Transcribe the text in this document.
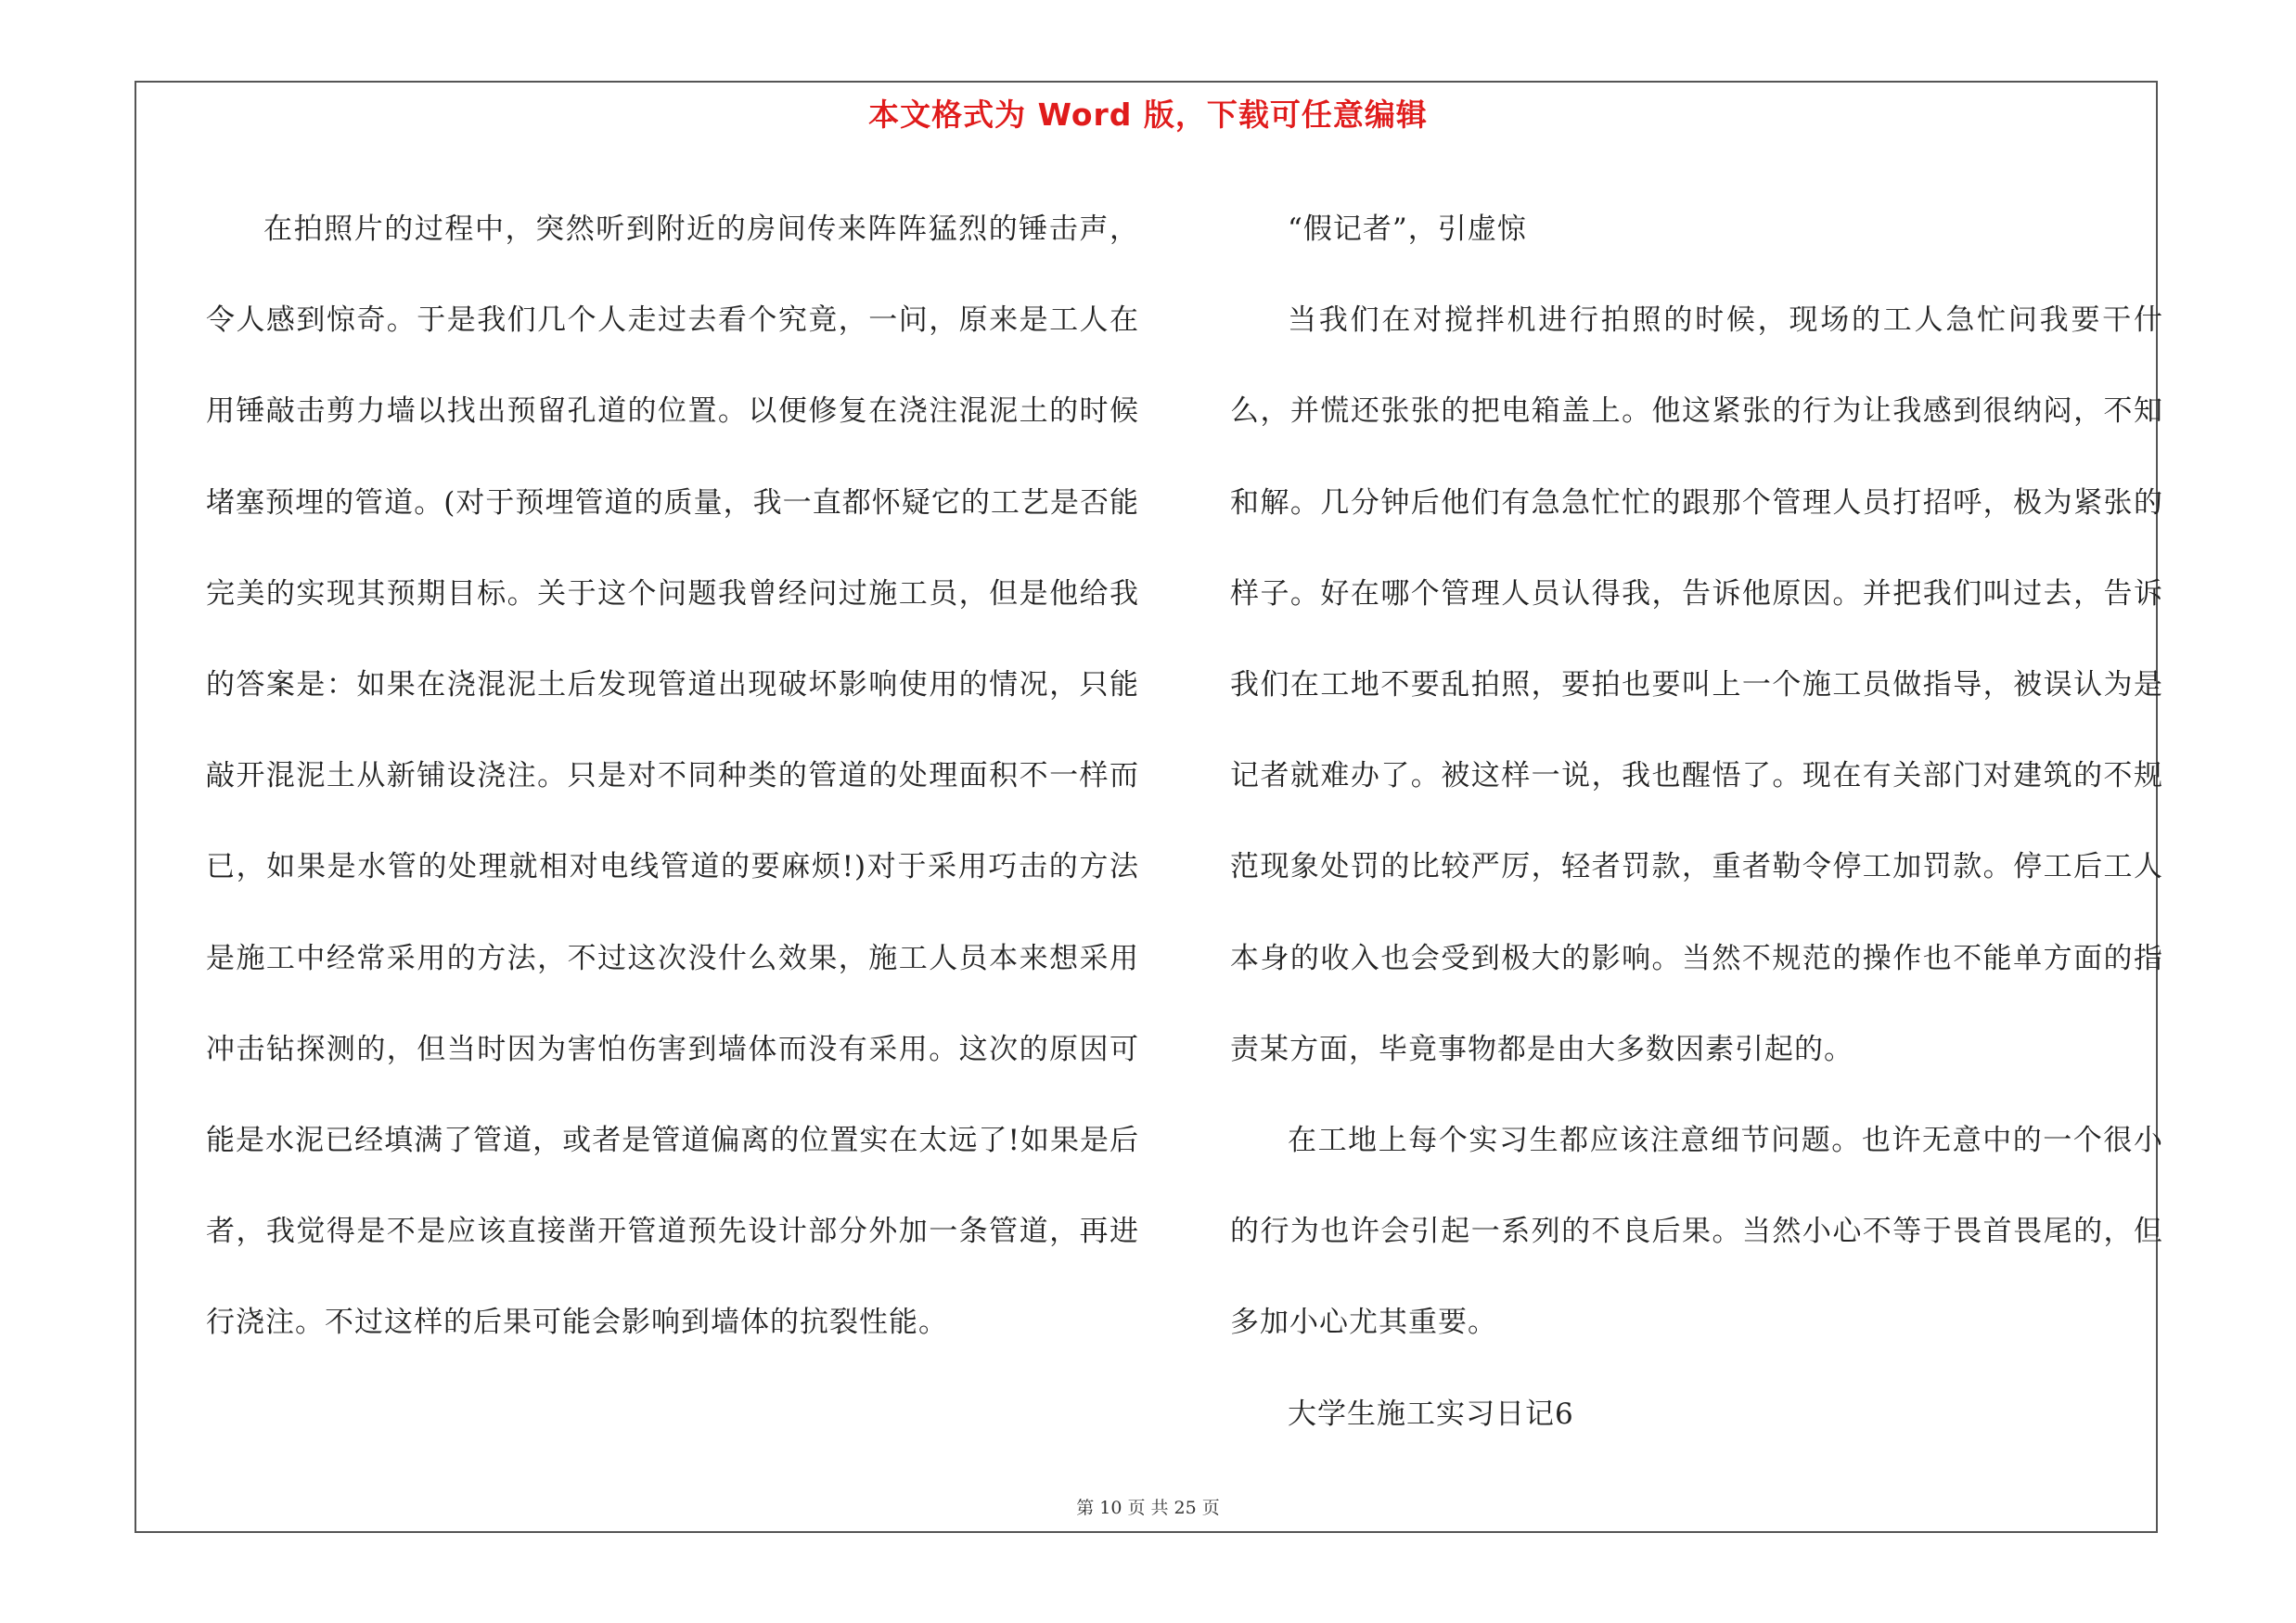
本文格式为 Word 版，下载可任意编辑

在拍照片的过程中，突然听到附近的房间传来阵阵猛烈的锤击声，令人感到惊奇。于是我们几个人走过去看个究竟，一问，原来是工人在用锤敲击剪力墙以找出预留孔道的位置。以便修复在浇注混泥土的时候堵塞预埋的管道。(对于预埋管道的质量，我一直都怀疑它的工艺是否能完美的实现其预期目标。关于这个问题我曾经问过施工员，但是他给我的答案是：如果在浇混泥土后发现管道出现破坏影响使用的情况，只能敲开混泥土从新铺设浇注。只是对不同种类的管道的处理面积不一样而已，如果是水管的处理就相对电线管道的要麻烦!)对于采用巧击的方法是施工中经常采用的方法，不过这次没什么效果，施工人员本来想采用冲击钻探测的，但当时因为害怕伤害到墙体而没有采用。这次的原因可能是水泥已经填满了管道，或者是管道偏离的位置实在太远了!如果是后者，我觉得是不是应该直接凿开管道预先设计部分外加一条管道，再进行浇注。不过这样的后果可能会影响到墙体的抗裂性能。

“假记者”，引虚惊

当我们在对搅拌机进行拍照的时候，现场的工人急忙问我要干什么，并慌还张张的把电箱盖上。他这紧张的行为让我感到很纳闷，不知和解。几分钟后他们有急急忙忙的跟那个管理人员打招呼，极为紧张的样子。好在哪个管理人员认得我，告诉他原因。并把我们叫过去，告诉我们在工地不要乱拍照，要拍也要叫上一个施工员做指导，被误认为是记者就难办了。被这样一说，我也醒悟了。现在有关部门对建筑的不规范现象处罚的比较严厉，轻者罚款，重者勒令停工加罚款。停工后工人本身的收入也会受到极大的影响。当然不规范的操作也不能单方面的指责某方面，毕竟事物都是由大多数因素引起的。

在工地上每个实习生都应该注意细节问题。也许无意中的一个很小的行为也许会引起一系列的不良后果。当然小心不等于畏首畏尾的，但多加小心尤其重要。

大学生施工实习日记6

第 10 页 共 25 页
